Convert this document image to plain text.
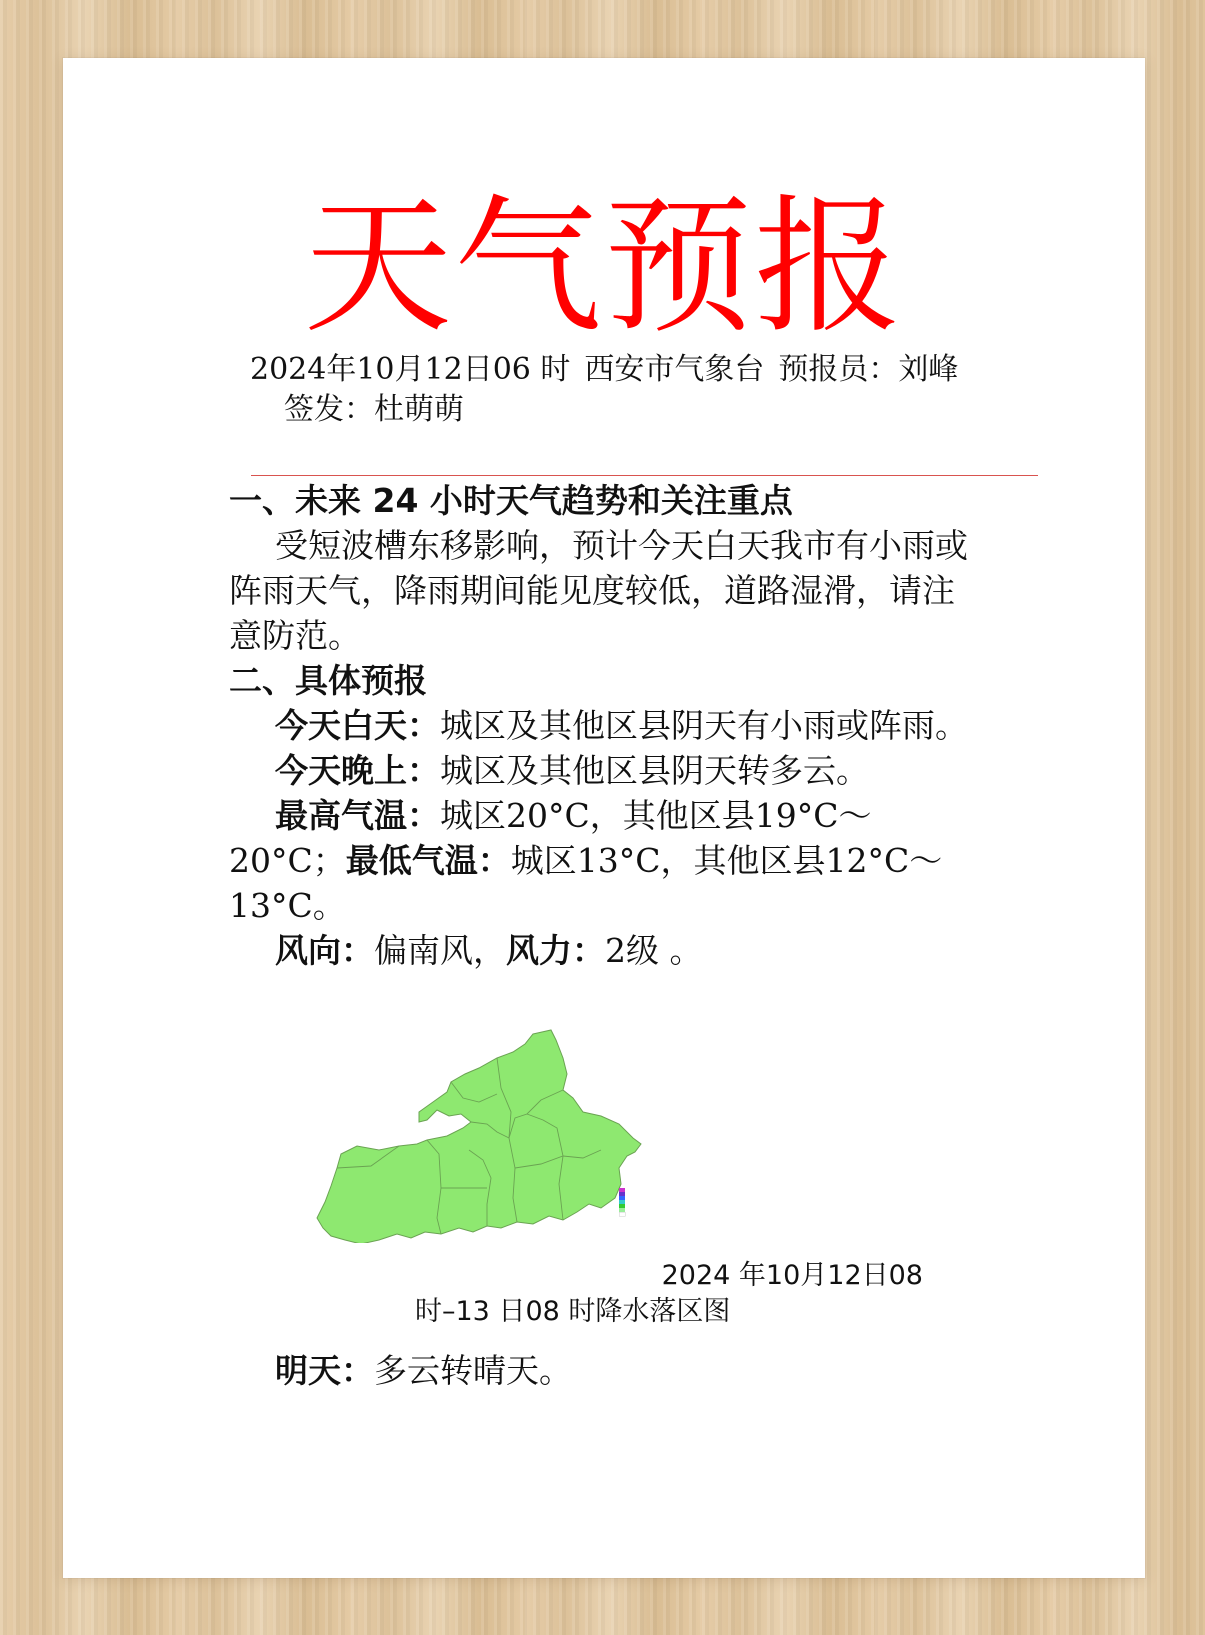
天气预报
2024年10月12日06 时 西安市气象台 预报员：刘峰
签发：杜萌萌
一、未来 24 小时天气趋势和关注重点
受短波槽东移影响，预计今天白天我市有小雨或阵雨天气，降雨期间能见度较低，道路湿滑，请注意防范。
二、具体预报
今天白天：城区及其他区县阴天有小雨或阵雨。
今天晚上：城区及其他区县阴天转多云。
最高气温：城区20°C，其他区县19°C～20°C；最低气温：城区13°C，其他区县12°C～13°C。
风向：偏南风，风力：2级 。
2024 年10月12日08
时–13 日08 时降水落区图
明天：多云转晴天。
